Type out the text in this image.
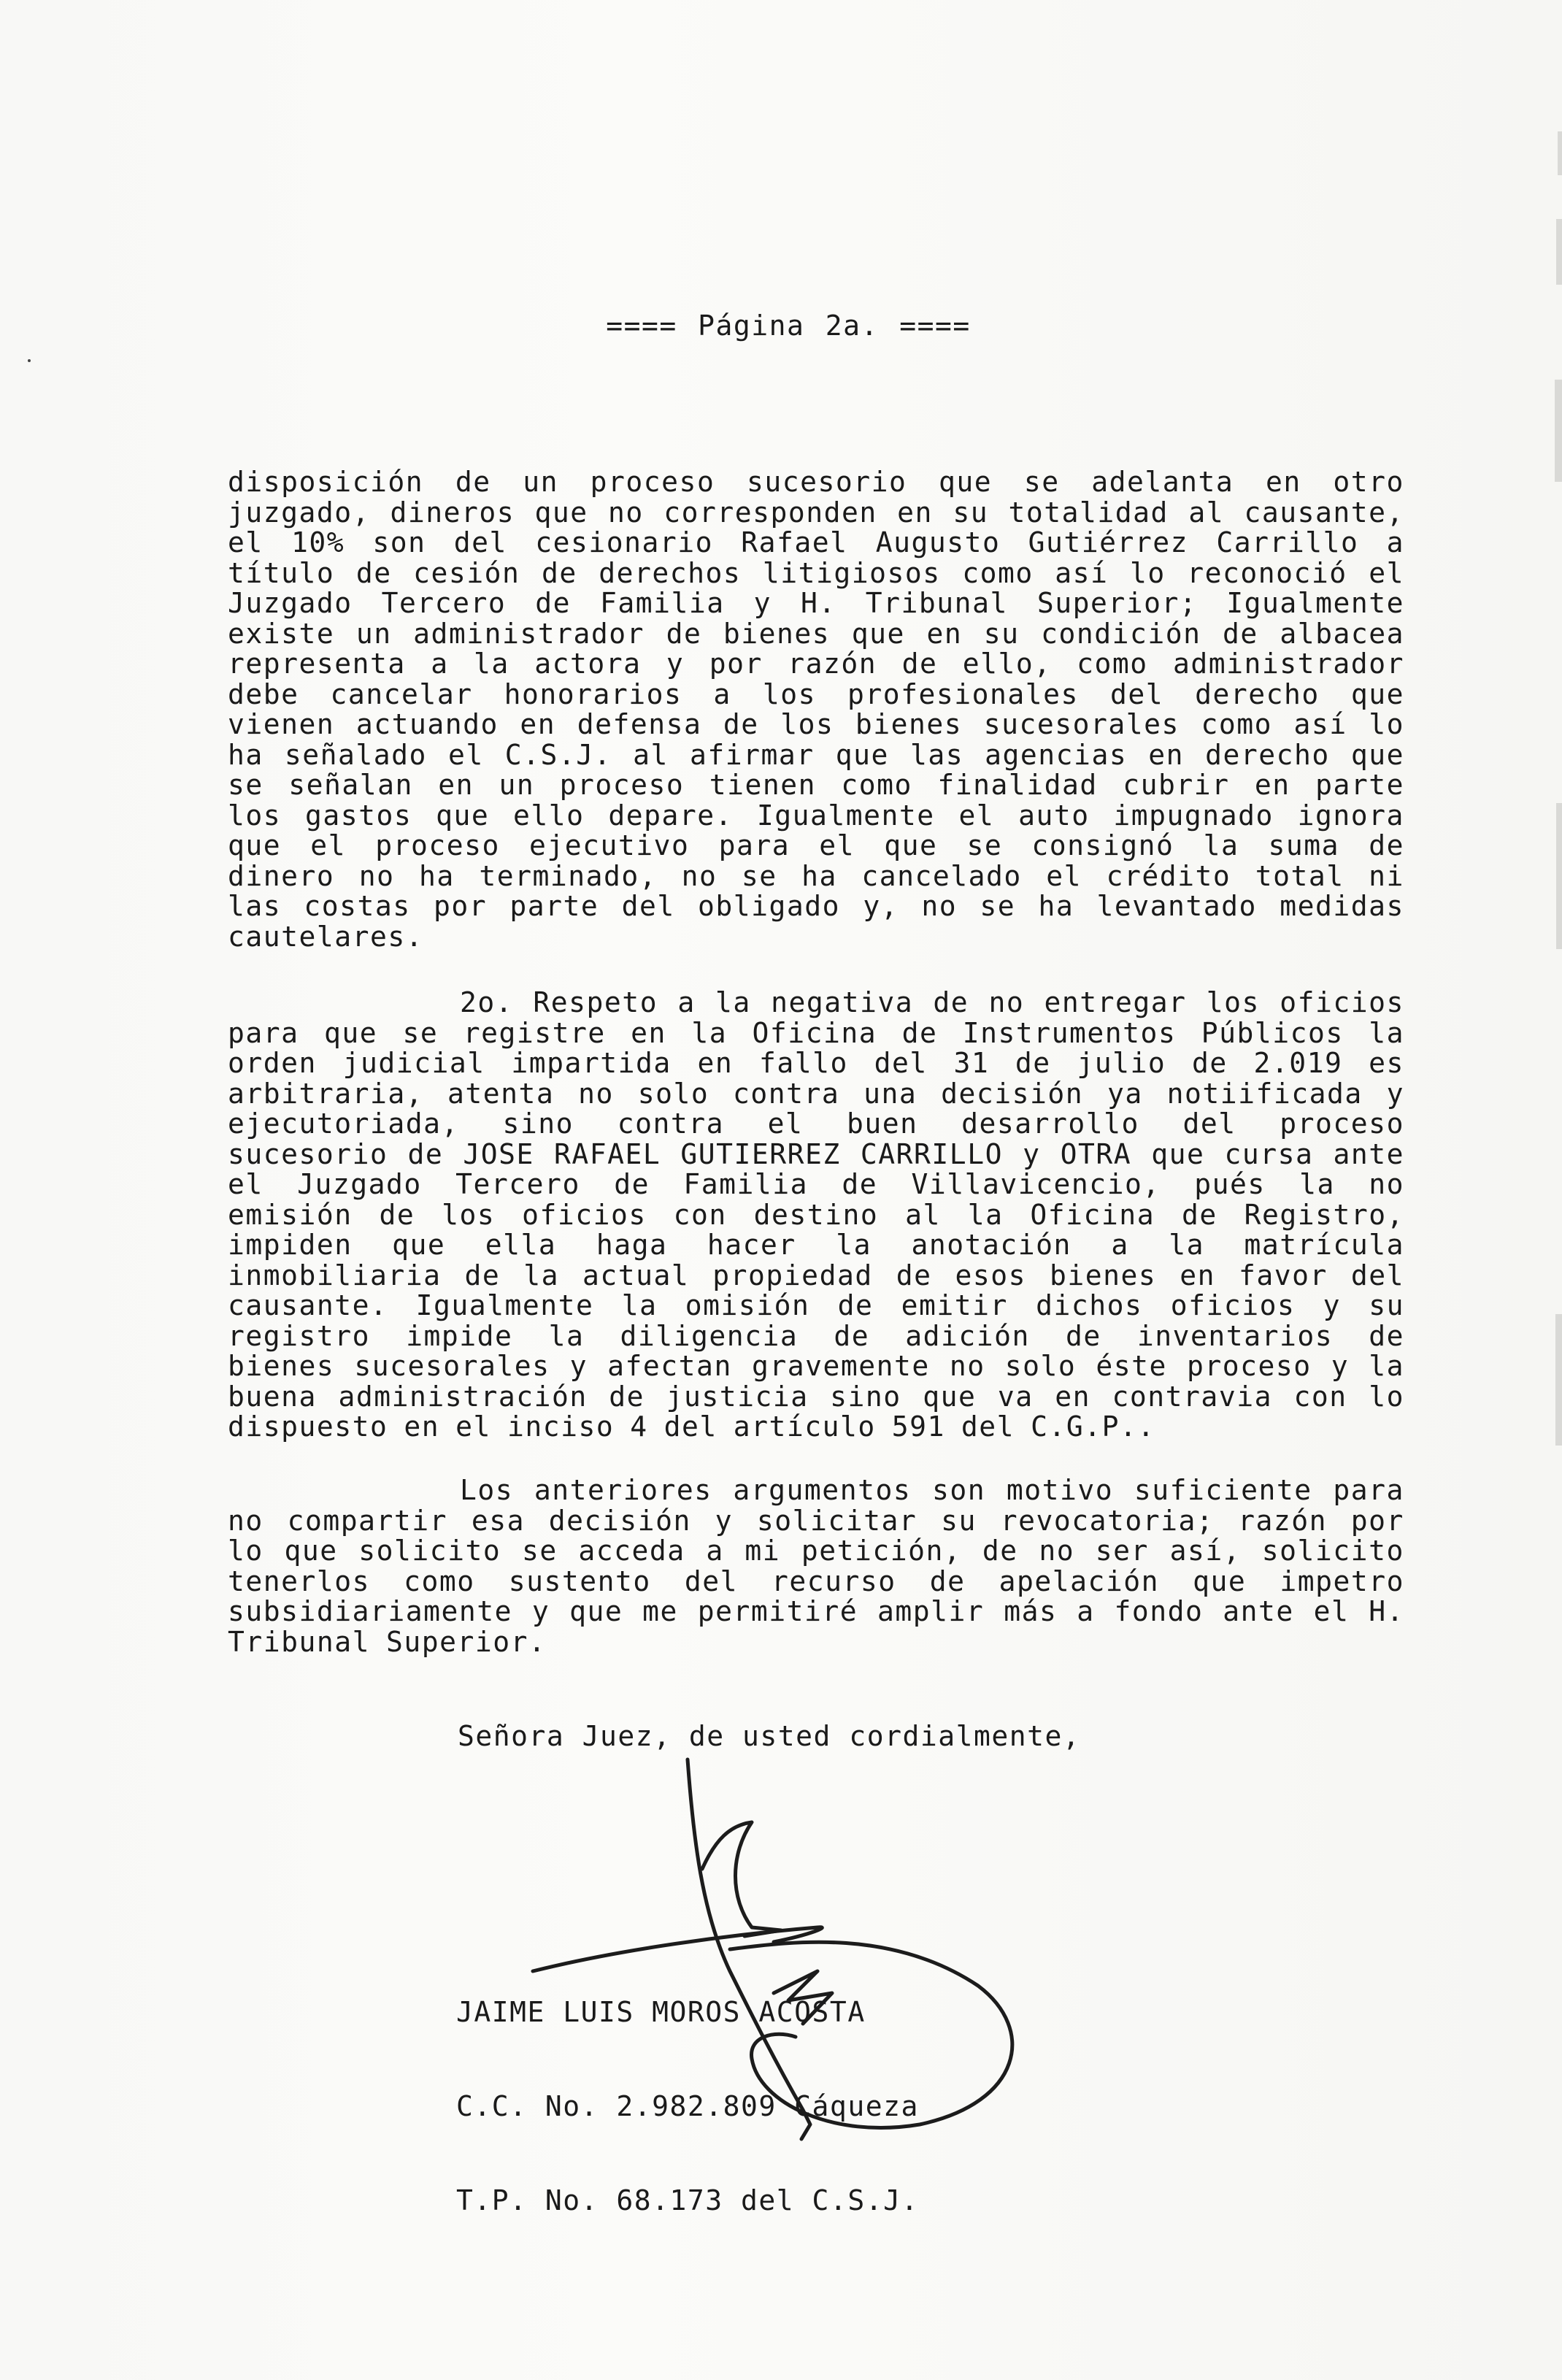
==== Página 2a. ====
disposición de un proceso sucesorio que se adelanta en otro
juzgado, dineros que no corresponden en su totalidad al causante,
el 10% son del cesionario Rafael Augusto Gutiérrez Carrillo a
título de cesión de derechos litigiosos como así lo reconoció el
Juzgado Tercero de Familia y H. Tribunal Superior; Igualmente
existe un administrador de bienes que en su condición de albacea
representa a la actora y por razón de ello, como administrador
debe cancelar honorarios a los profesionales del derecho que
vienen actuando en defensa de los bienes sucesorales como así lo
ha señalado el C.S.J. al afirmar que las agencias en derecho que
se señalan en un proceso tienen como finalidad cubrir en parte
los gastos que ello depare. Igualmente el auto impugnado ignora
que el proceso ejecutivo para el que se consignó la suma de
dinero no ha terminado, no se ha cancelado el crédito total ni
las costas por parte del obligado y, no se ha levantado medidas
cautelares.
2o. Respeto a la negativa de no entregar los oficios
para que se registre en la Oficina de Instrumentos Públicos la
orden judicial impartida en fallo del 31 de julio de 2.019 es
arbitraria, atenta no solo contra una decisión ya notiificada y
ejecutoriada, sino contra el buen desarrollo del proceso
sucesorio de JOSE RAFAEL GUTIERREZ CARRILLO y OTRA que cursa ante
el Juzgado Tercero de Familia de Villavicencio, pués la no
emisión de los oficios con destino al la Oficina de Registro,
impiden que ella haga hacer la anotación a la matrícula
inmobiliaria de la actual propiedad de esos bienes en favor del
causante. Igualmente la omisión de emitir dichos oficios y su
registro impide la diligencia de adición de inventarios de
bienes sucesorales y afectan gravemente no solo éste proceso y la
buena administración de justicia sino que va en contravia con lo
dispuesto en el inciso 4 del artículo 591 del C.G.P..
Los anteriores argumentos son motivo suficiente para
no compartir esa decisión y solicitar su revocatoria; razón por
lo que solicito se acceda a mi petición, de no ser así, solicito
tenerlos como sustento del recurso de apelación que impetro
subsidiariamente y que me permitiré amplir más a fondo ante el H.
Tribunal Superior.
Señora Juez, de usted cordialmente,

JAIME LUIS MOROS ACOSTA

C.C. No. 2.982.809 Cáqueza

T.P. No. 68.173 del C.S.J.
